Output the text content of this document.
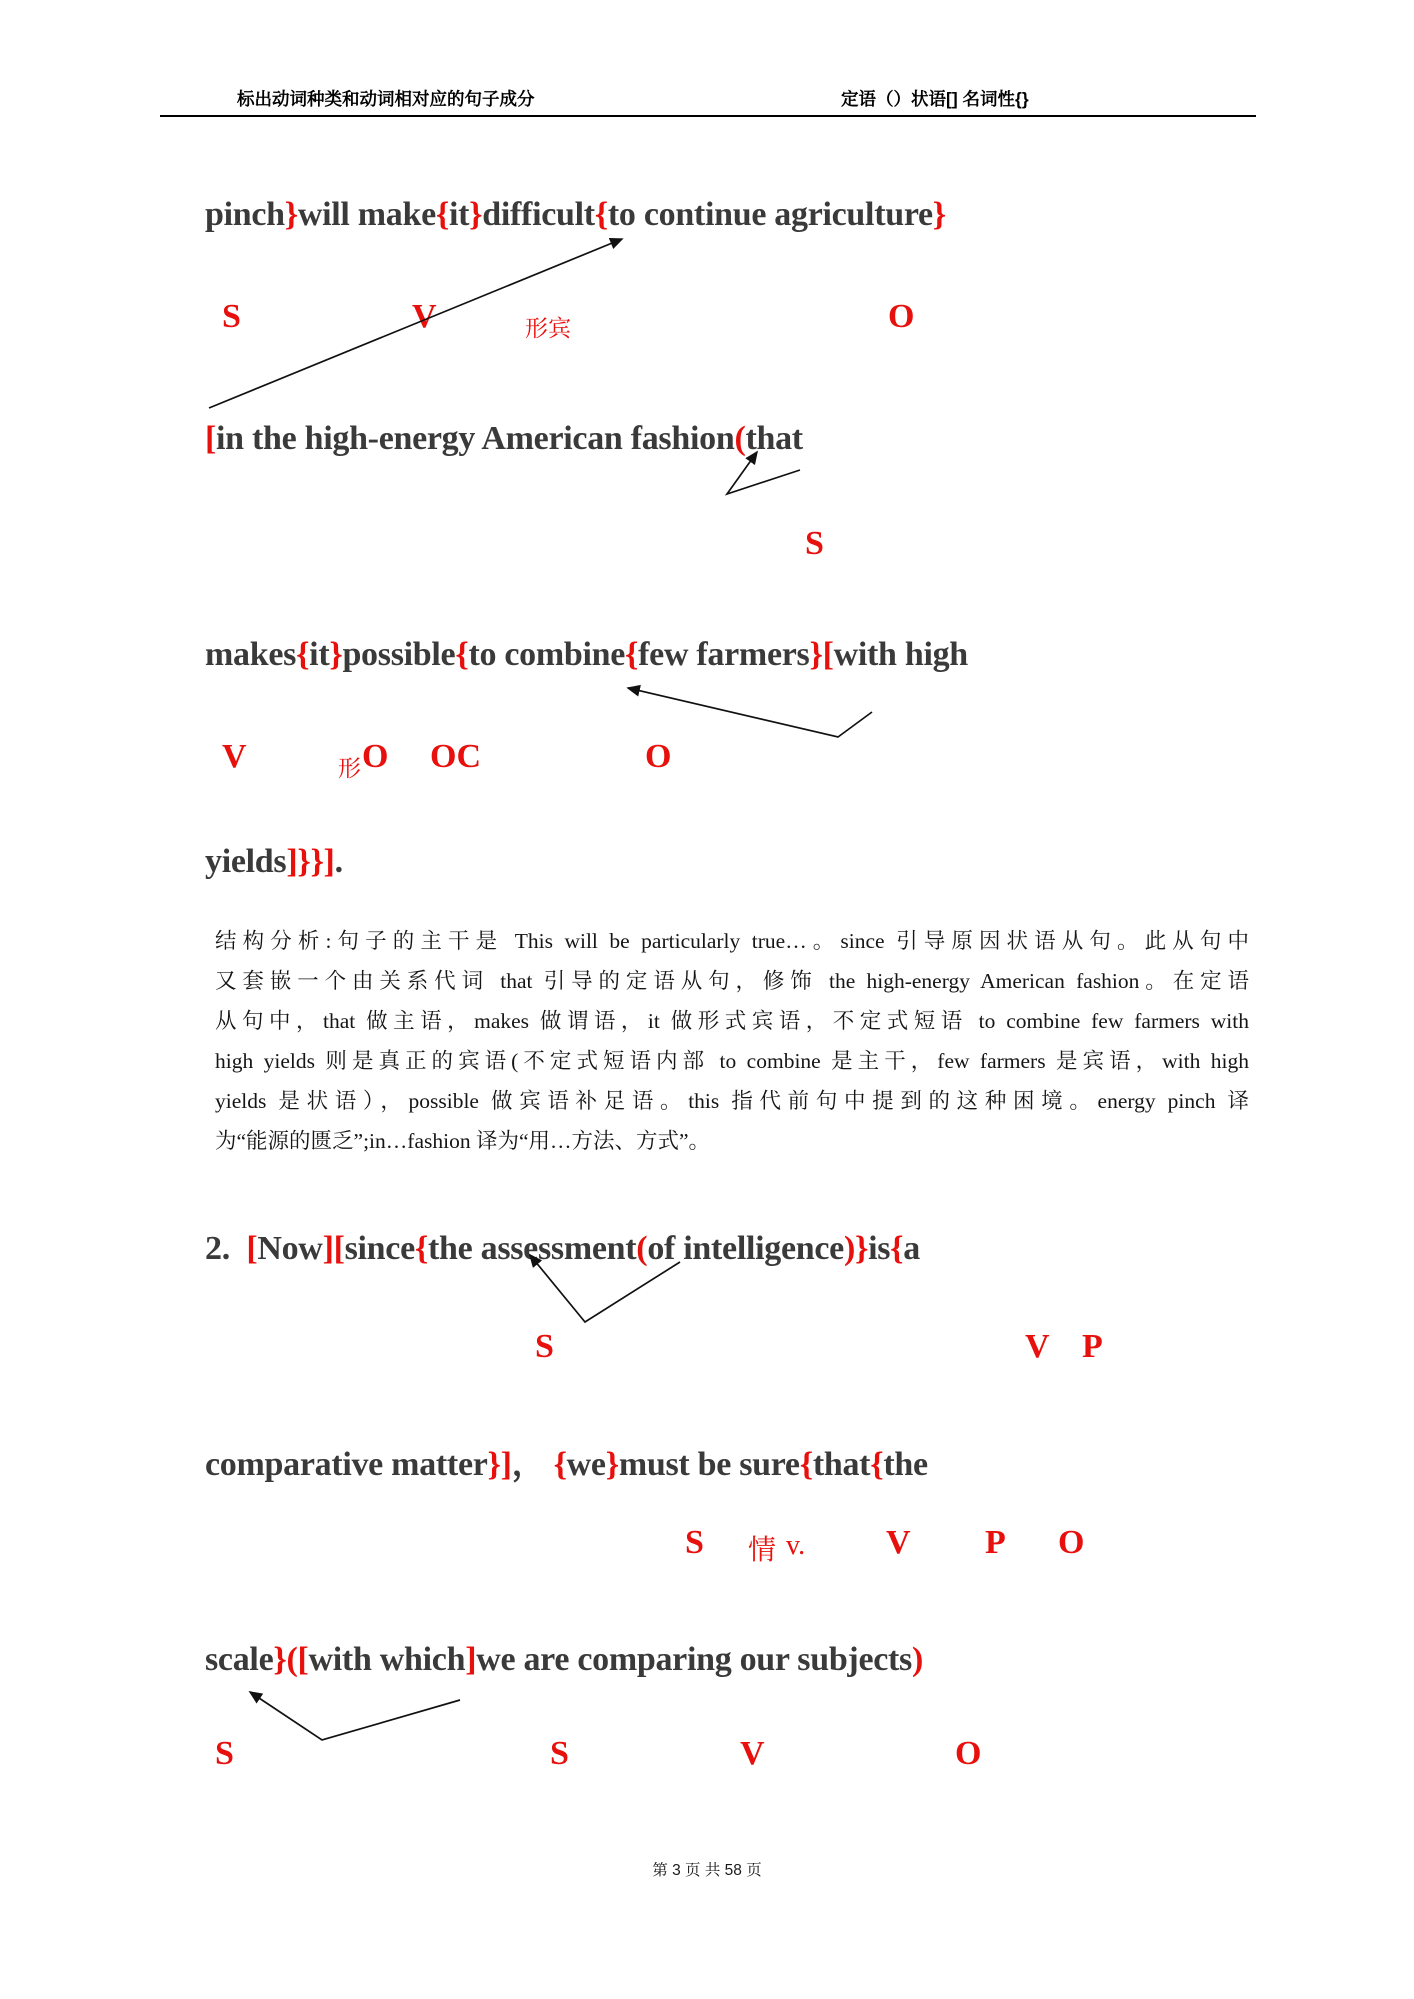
标出动词种类和动词相对应的句子成分	定语（）状语[] 名词性{}
pinch}will make{it}difficult{to continue agriculture}
[in the high-energy American fashion(that
makes{it}possible{to combine{few farmers}[with high
yields]}}].
2.  [Now][since{the assessment(of intelligence)}is{a
comparative matter}]， {we}must be sure{that{the
scale}([with which]we are comparing our subjects)
S	V	形宾	O
S
V	形 O OC	O
S	V P
S 情 v. V P O
S	S	V	O
结构分析:句子的主干是 This will be particularly true…。since 引导原因状语从句。此从句中
又套嵌一个由关系代词 that 引导的定语从句，修饰 the high-energy American fashion。在定语
从句中，that 做主语，makes 做谓语，it 做形式宾语，不定式短语 to combine few farmers with
high yields 则是真正的宾语(不定式短语内部 to combine 是主干，few farmers 是宾语，with high
yields 是状语），possible 做宾语补足语。this 指代前句中提到的这种困境。energy pinch 译
为“能源的匮乏”;in…fashion 译为“用…方法、方式”。
第 3 页 共 58 页
